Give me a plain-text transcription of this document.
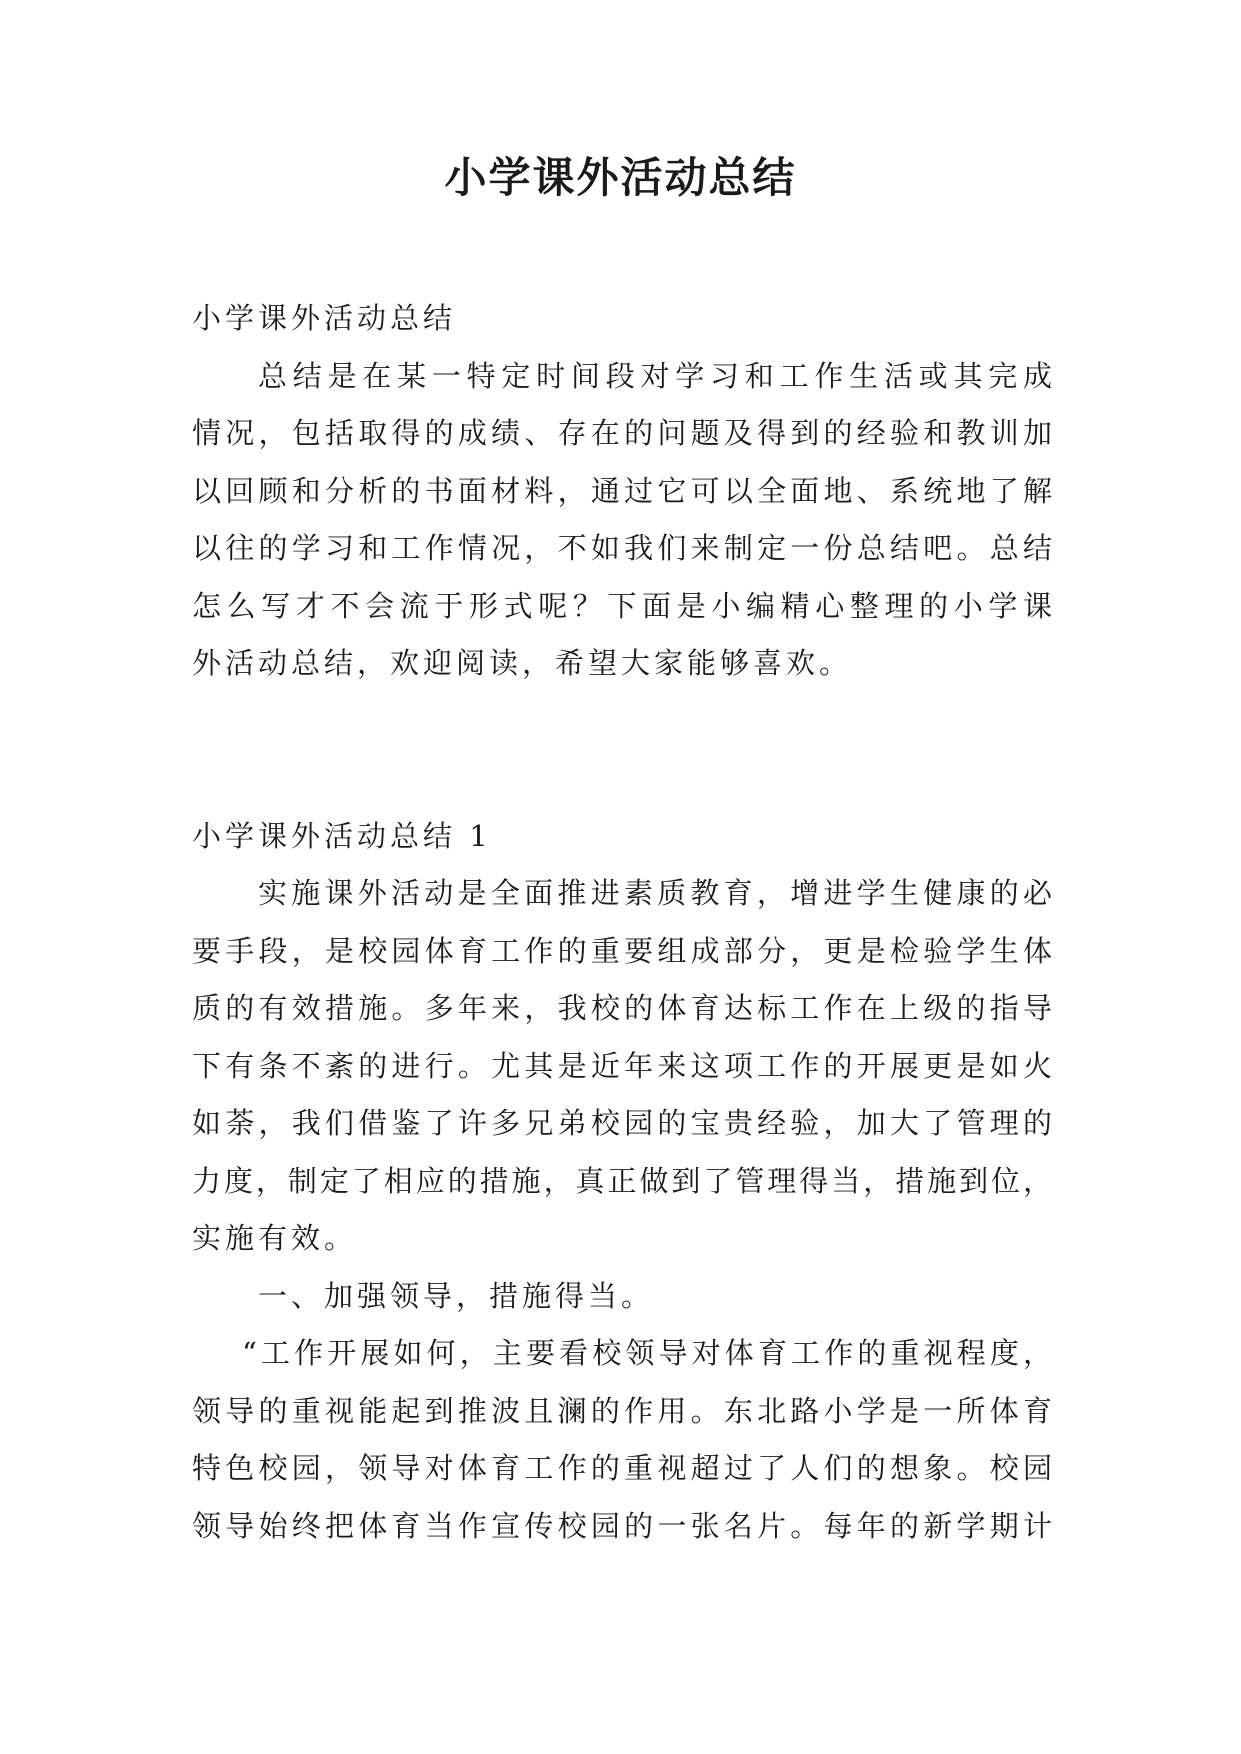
小学课外活动总结

小学课外活动总结

总结是在某一特定时间段对学习和工作生活或其完成

情况，包括取得的成绩、存在的问题及得到的经验和教训加

以回顾和分析的书面材料，通过它可以全面地、系统地了解

以往的学习和工作情况，不如我们来制定一份总结吧。总结

怎么写才不会流于形式呢？下面是小编精心整理的小学课

外活动总结，欢迎阅读，希望大家能够喜欢。

小学课外活动总结 1

实施课外活动是全面推进素质教育，增进学生健康的必

要手段，是校园体育工作的重要组成部分，更是检验学生体

质的有效措施。多年来，我校的体育达标工作在上级的指导

下有条不紊的进行。尤其是近年来这项工作的开展更是如火

如荼，我们借鉴了许多兄弟校园的宝贵经验，加大了管理的

力度，制定了相应的措施，真正做到了管理得当，措施到位，

实施有效。

一、加强领导，措施得当。

“工作开展如何，主要看校领导对体育工作的重视程度，

领导的重视能起到推波且澜的作用。东北路小学是一所体育

特色校园，领导对体育工作的重视超过了人们的想象。校园

领导始终把体育当作宣传校园的一张名片。每年的新学期计
